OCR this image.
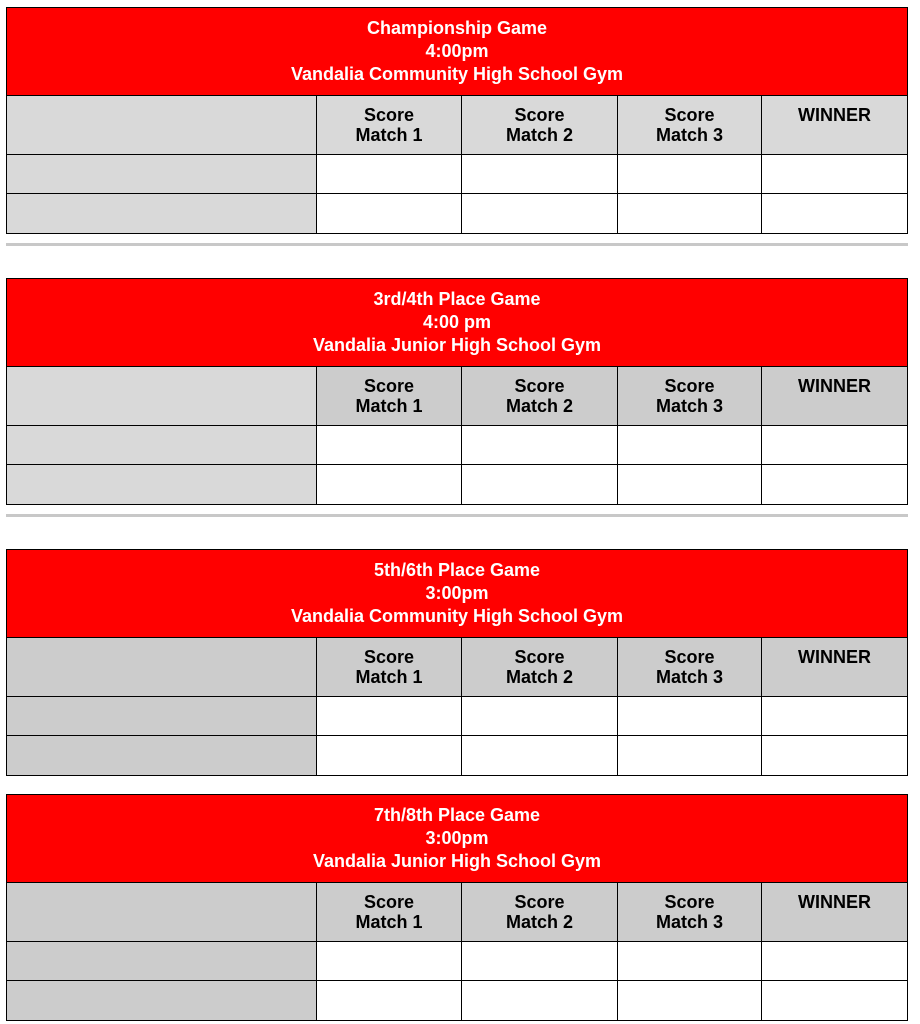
Championship Game
4:00pm
Vandalia Community High School Gym
Score
Match 1
Score
Match 2
Score
Match 3
WINNER
3rd/4th Place Game
4:00 pm
Vandalia Junior High School Gym
Score
Match 1
Score
Match 2
Score
Match 3
WINNER
5th/6th Place Game
3:00pm
Vandalia Community High School Gym
Score
Match 1
Score
Match 2
Score
Match 3
WINNER
7th/8th Place Game
3:00pm
Vandalia Junior High School Gym
Score
Match 1
Score
Match 2
Score
Match 3
WINNER
